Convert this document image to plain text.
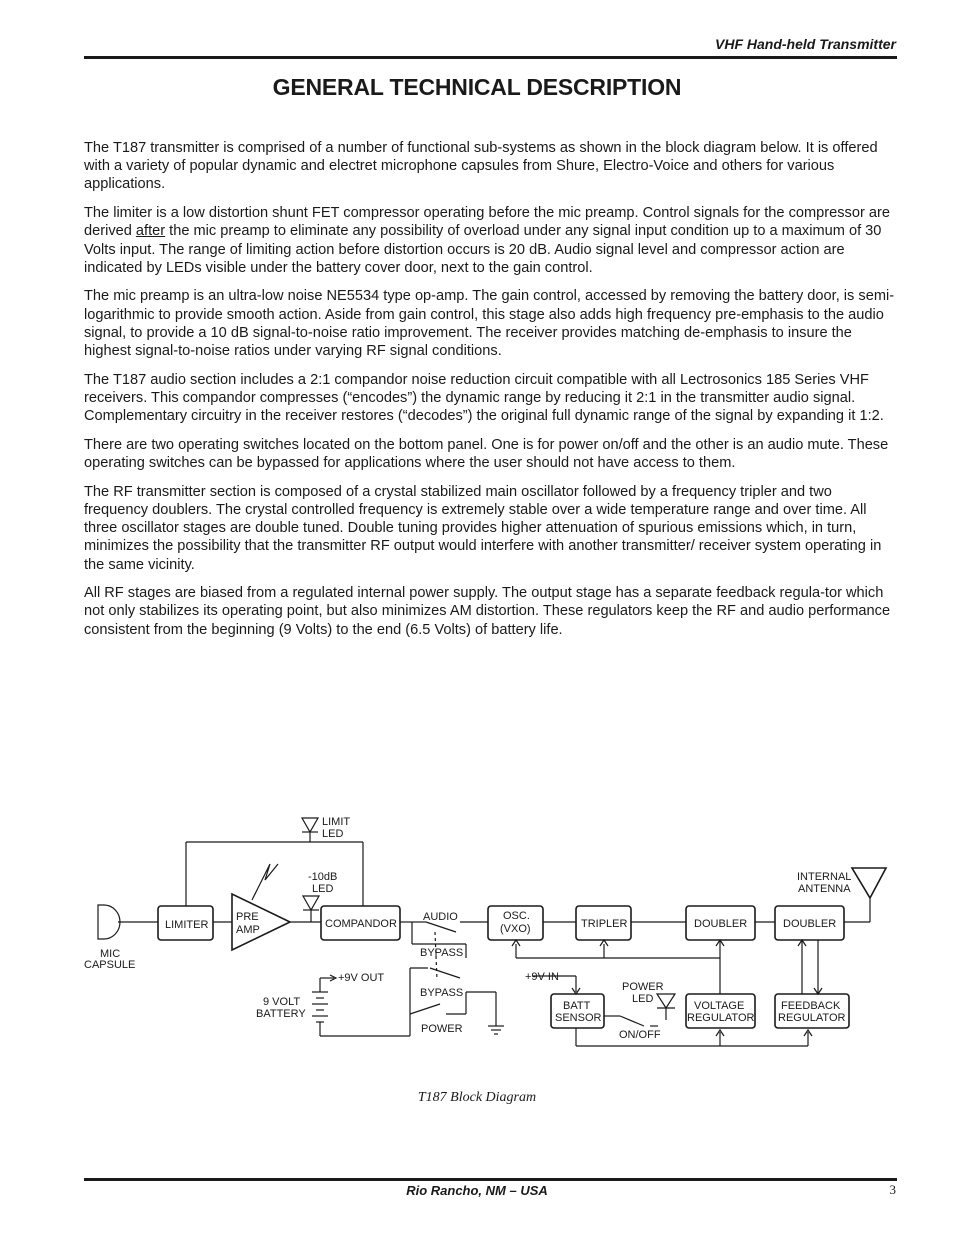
VHF Hand-held Transmitter
GENERAL TECHNICAL DESCRIPTION

The T187 transmitter is comprised of a number of functional sub-systems as shown in the block diagram below. It is offered with a variety of popular dynamic and electret microphone capsules from Shure, Electro-Voice and others for various applications.

The limiter is a low distortion shunt FET compressor operating before the mic preamp. Control signals for the compressor are derived after the mic preamp to eliminate any possibility of overload under any signal input condition up to a maximum of 30 Volts input. The range of limiting action before distortion occurs is 20 dB. Audio signal level and compressor action are indicated by LEDs visible under the battery cover door, next to the gain control.

The mic preamp is an ultra-low noise NE5534 type op-amp. The gain control, accessed by removing the battery door, is semi-logarithmic to provide smooth action. Aside from gain control, this stage also adds high frequency pre-emphasis to the audio signal, to provide a 10 dB signal-to-noise ratio improvement. The receiver provides matching de-emphasis to insure the highest signal-to-noise ratios under varying RF signal conditions.

The T187 audio section includes a 2:1 compandor noise reduction circuit compatible with all Lectrosonics 185 Series VHF receivers. This compandor compresses (“encodes”) the dynamic range by reducing it 2:1 in the transmitter audio signal. Complementary circuitry in the receiver restores (“decodes”) the original full dynamic range of the signal by expanding it 1:2.

There are two operating switches located on the bottom panel. One is for power on/off and the other is an audio mute. These operating switches can be bypassed for applications where the user should not have access to them.

The RF transmitter section is composed of a crystal stabilized main oscillator followed by a frequency tripler and two frequency doublers. The crystal controlled frequency is extremely stable over a wide temperature range and over time. All three oscillator stages are double tuned. Double tuning provides higher attenuation of spurious emissions which, in turn, minimizes the possibility that the transmitter RF output would interfere with another transmitter/ receiver system operating in the same vicinity.

All RF stages are biased from a regulated internal power supply. The output stage has a separate feedback regula-tor which not only stabilizes its operating point, but also minimizes AM distortion. These regulators keep the RF and audio performance consistent from the beginning (9 Volts) to the end (6.5 Volts) of battery life.

LIMIT
LED
-10dB
LED
MIC
CAPSULE
LIMITER
PRE
AMP	COMPANDOR
AUDIO
BYPASS
OSC.
(VXO)	TRIPLER	DOUBLER	DOUBLER
INTERNAL
ANTENNA
+9V OUT
9 VOLT
BATTERY
BYPASS
POWER
+9V IN
BATT
SENSOR
POWER
LED
ON/OFF
VOLTAGE
REGULATOR
FEEDBACK
REGULATOR
T187 Block Diagram
Rio Rancho, NM – USA	3
